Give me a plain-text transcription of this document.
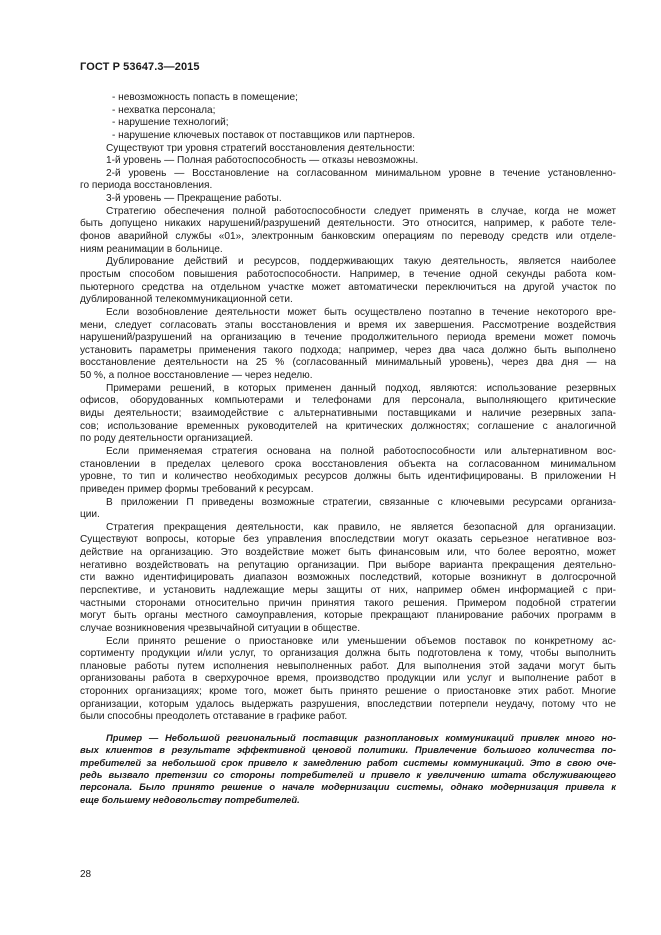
ГОСТ Р 53647.3—2015
- невозможность попасть в помещение;
- нехватка персонала;
- нарушение технологий;
- нарушение ключевых поставок от поставщиков или партнеров.
Существуют три уровня стратегий восстановления деятельности:
1-й уровень — Полная работоспособность — отказы невозможны.
2-й уровень — Восстановление на согласованном минимальном уровне в течение установленно-
го периода восстановления.
3-й уровень — Прекращение работы.
Стратегию обеспечения полной работоспособности следует применять в случае, когда не может
быть допущено никаких нарушений/разрушений деятельности. Это относится, например, к работе теле-
фонов аварийной службы «01», электронным банковским операциям по переводу средств или отделе-
ниям реанимации в больнице.
Дублирование действий и ресурсов, поддерживающих такую деятельность, является наиболее
простым способом повышения работоспособности. Например, в течение одной секунды работа ком-
пьютерного средства на отдельном участке может автоматически переключиться на другой участок по
дублированной телекоммуникационной сети.
Если возобновление деятельности может быть осуществлено поэтапно в течение некоторого вре-
мени, следует согласовать этапы восстановления и время их завершения. Рассмотрение воздействия
нарушений/разрушений на организацию в течение продолжительного периода времени может помочь
установить параметры применения такого подхода; например, через два часа должно быть выполнено
восстановление деятельности на 25 % (согласованный минимальный уровень), через два дня — на
50 %, а полное восстановление — через неделю.
Примерами решений, в которых применен данный подход, являются: использование резервных
офисов, оборудованных компьютерами и телефонами для персонала, выполняющего критические
виды деятельности; взаимодействие с альтернативными поставщиками и наличие резервных запа-
сов; использование временных руководителей на критических должностях; соглашение с аналогичной
по роду деятельности организацией.
Если применяемая стратегия основана на полной работоспособности или альтернативном вос-
становлении в пределах целевого срока восстановления объекта на согласованном минимальном
уровне, то тип и количество необходимых ресурсов должны быть идентифицированы. В приложении Н
приведен пример формы требований к ресурсам.
В приложении П приведены возможные стратегии, связанные с ключевыми ресурсами организа-
ции.
Стратегия прекращения деятельности, как правило, не является безопасной для организации.
Существуют вопросы, которые без управления впоследствии могут оказать серьезное негативное воз-
действие на организацию. Это воздействие может быть финансовым или, что более вероятно, может
негативно воздействовать на репутацию организации. При выборе варианта прекращения деятельно-
сти важно идентифицировать диапазон возможных последствий, которые возникнут в долгосрочной
перспективе, и установить надлежащие меры защиты от них, например обмен информацией с при-
частными сторонами относительно причин принятия такого решения. Примером подобной стратегии
могут быть органы местного самоуправления, которые прекращают планирование рабочих программ в
случае возникновения чрезвычайной ситуации в обществе.
Если принято решение о приостановке или уменьшении объемов поставок по конкретному ас-
сортименту продукции и/или услуг, то организация должна быть подготовлена к тому, чтобы выполнить
плановые работы путем исполнения невыполненных работ. Для выполнения этой задачи могут быть
организованы работа в сверхурочное время, производство продукции или услуг и выполнение работ в
сторонних организациях; кроме того, может быть принято решение о приостановке этих работ. Многие
организации, которым удалось выдержать разрушения, впоследствии потерпели неудачу, потому что не
были способны преодолеть отставание в графике работ.
Пример — Небольшой региональный поставщик разноплановых коммуникаций привлек много но-
вых клиентов в результате эффективной ценовой политики. Привлечение большого количества по-
требителей за небольшой срок привело к замедлению работ системы коммуникаций. Это в свою оче-
редь вызвало претензии со стороны потребителей и привело к увеличению штата обслуживающего
персонала. Было принято решение о начале модернизации системы, однако модернизация привела к
еще большему недовольству потребителей.
28
